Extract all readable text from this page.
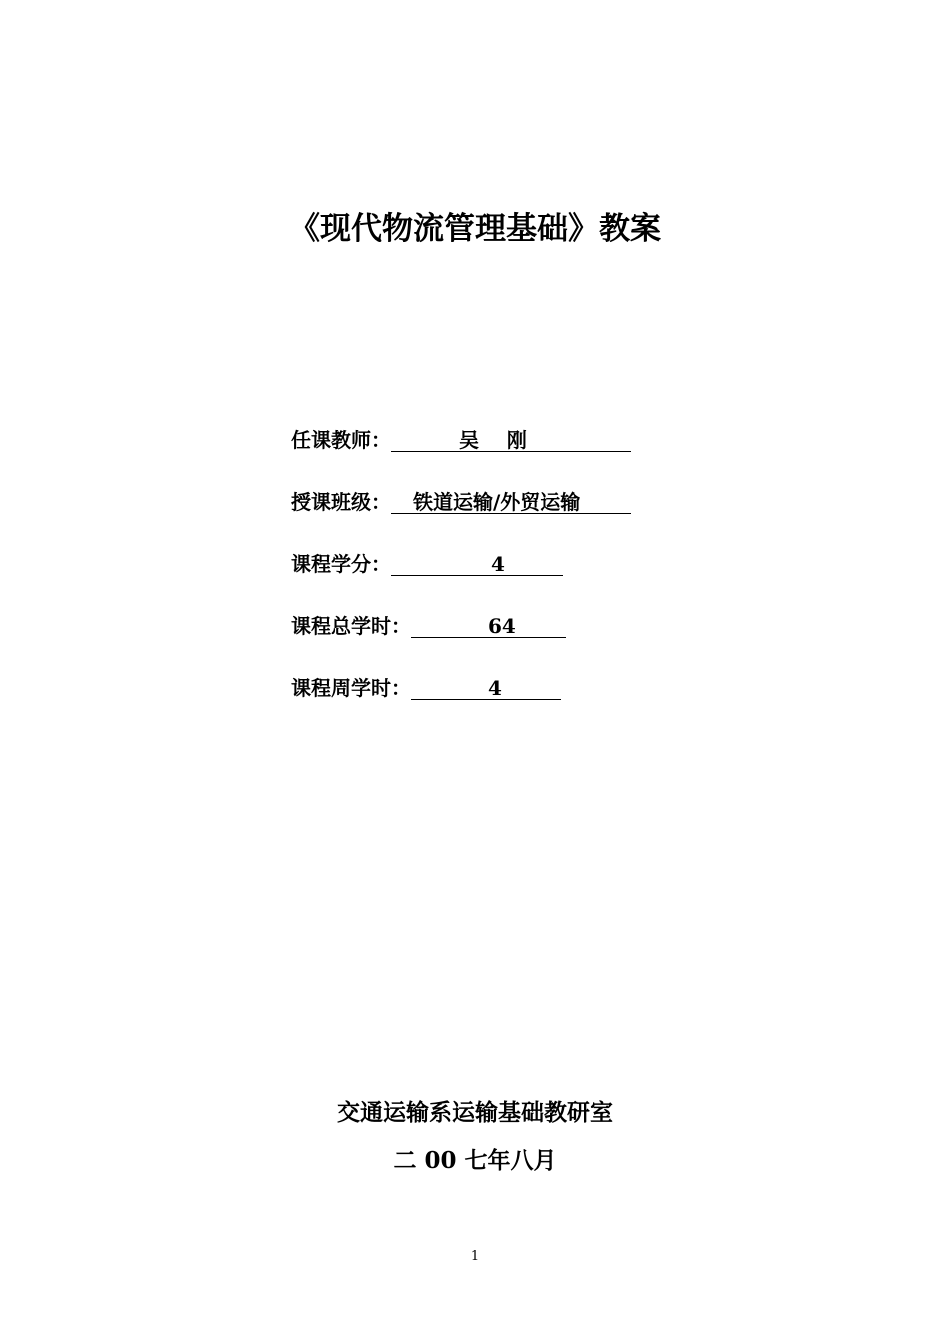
《现代物流管理基础》教案
任课教师：	吴    刚
授课班级：	铁道运输/外贸运输
课程学分：	4
课程总学时：	64
课程周学时：	4
交通运输系运输基础教研室
二 00 七年八月
1
